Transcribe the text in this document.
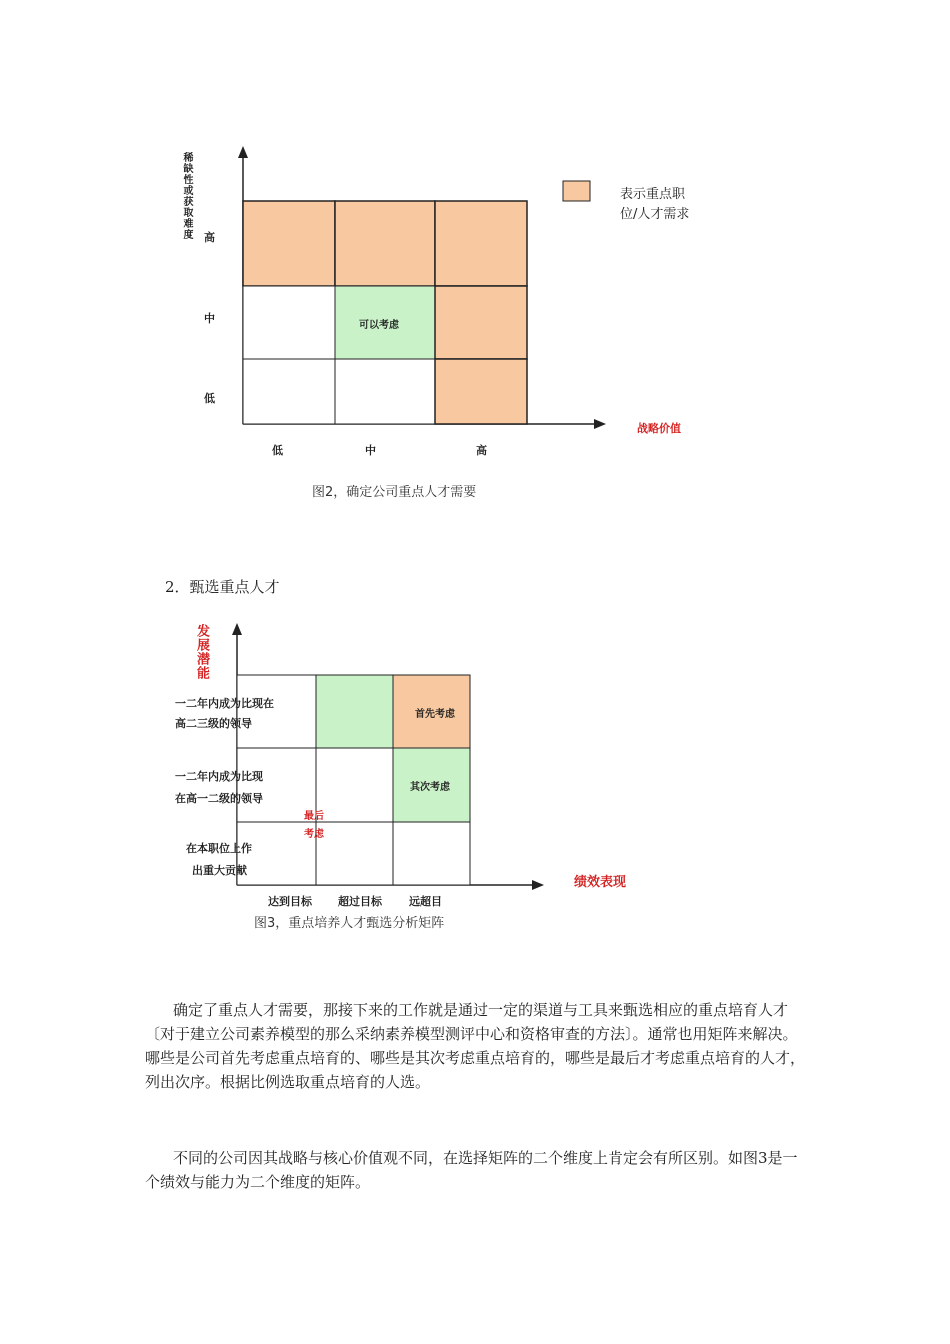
稀缺性或获取难度 高
中
低
低	中	高
可以考虑
战略价值
表示重点职
位/人才需求
图2，确定公司重点人才需要
2．甄选重点人才
发展潜能
一二年内成为比现在
高二三级的领导
一二年内成为比现
在高一二级的领导
在本职位上作
出重大贡献
首先考虑
其次考虑
最后
考虑
绩效表现
达到目标 超过目标 远超目
图3，重点培养人才甄选分析矩阵

确定了重点人才需要，那接下来的工作就是通过一定的渠道与工具来甄选相应的重点培育人才〔对于建立公司素养模型的那么采纳素养模型测评中心和资格审查的方法〕。通常也用矩阵来解决。哪些是公司首先考虑重点培育的、哪些是其次考虑重点培育的，哪些是最后才考虑重点培育的人才，列出次序。根据比例选取重点培育的人选。

不同的公司因其战略与核心价值观不同，在选择矩阵的二个维度上肯定会有所区别。如图3是一个绩效与能力为二个维度的矩阵。
